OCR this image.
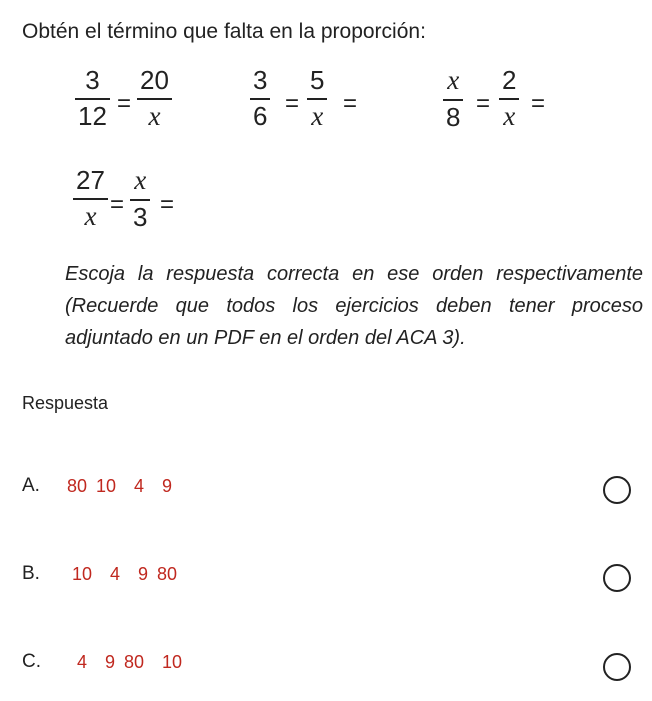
Obtén el término que falta en la proporción:
3
12 =
20
x
3
6 =
5
x =
x
8 =
2
x =
27
x =
x
3 =
Escoja la respuesta correcta en ese orden respectivamente (Recuerde que todos los ejercicios deben tener proceso adjuntado en un PDF en el orden del ACA 3).
Respuesta
A. 80 10  4  9
B. 10  4  9 80
C. 4  9 80  10
